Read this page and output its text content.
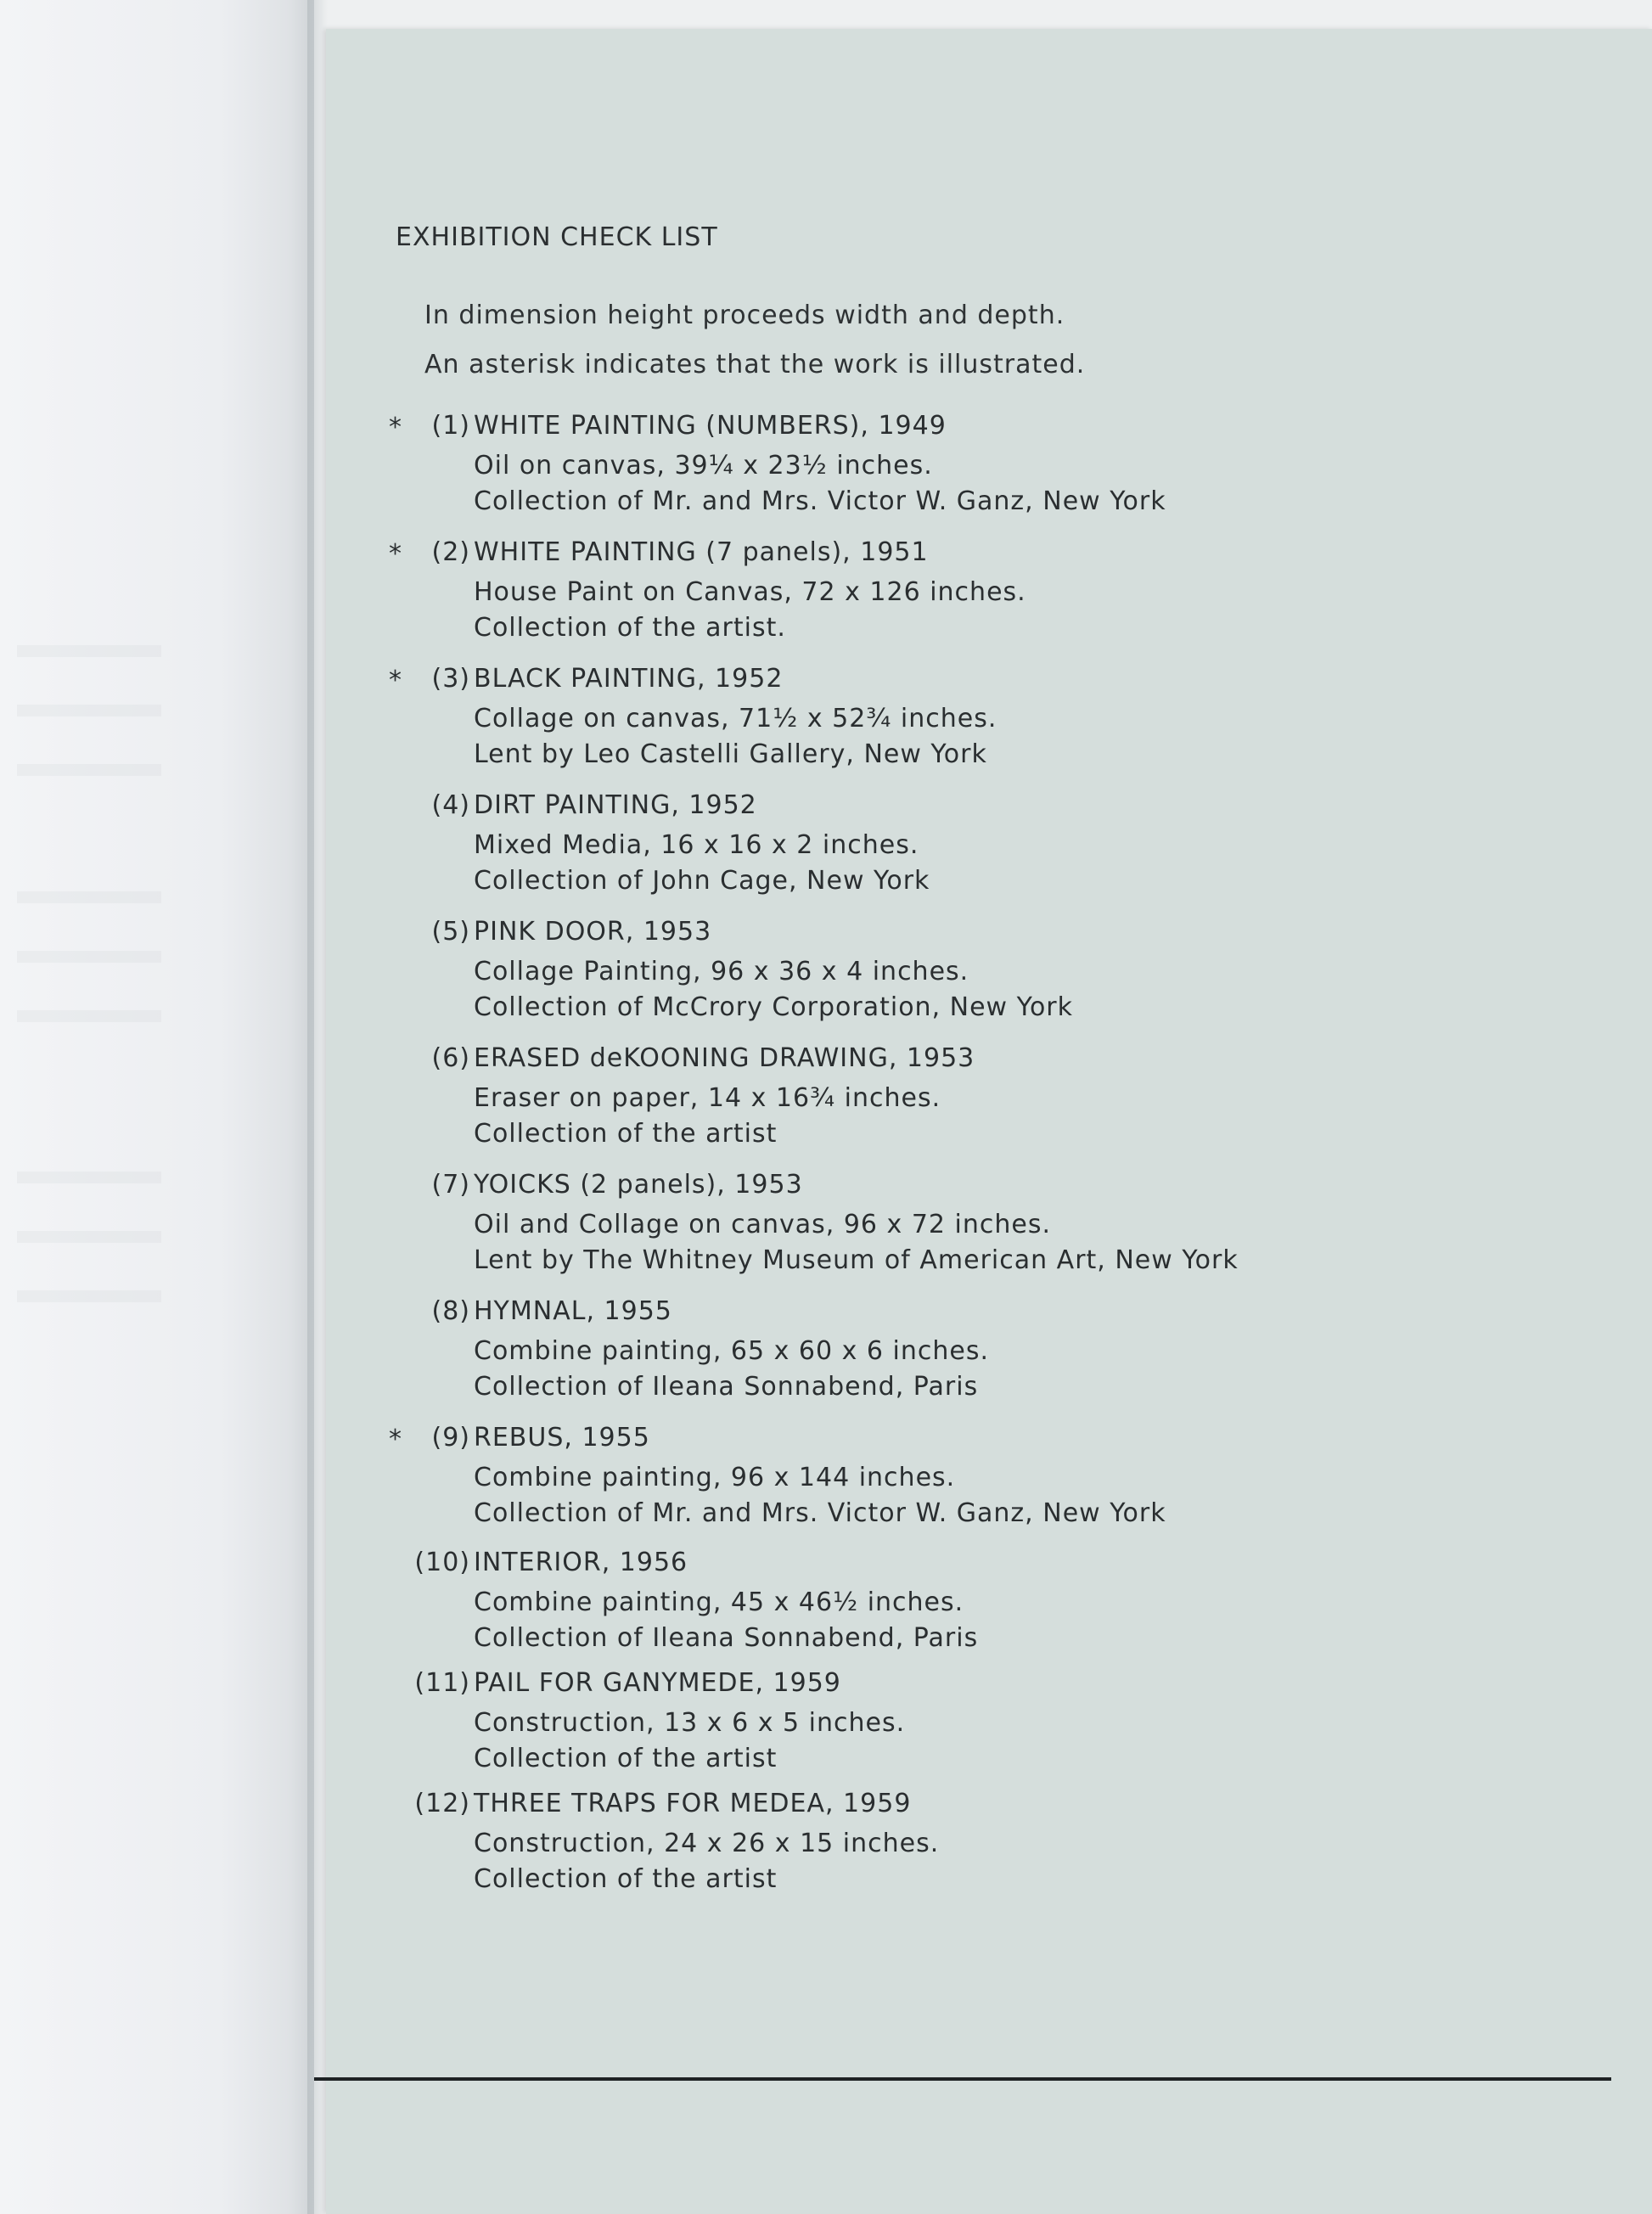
EXHIBITION CHECK LIST
In dimension height proceeds width and depth.
An asterisk indicates that the work is illustrated.
* (1) WHITE PAINTING (NUMBERS), 1949
Oil on canvas, 39¼ x 23½ inches.
Collection of Mr. and Mrs. Victor W. Ganz, New York
* (2) WHITE PAINTING (7 panels), 1951
House Paint on Canvas, 72 x 126 inches.
Collection of the artist.
* (3) BLACK PAINTING, 1952
Collage on canvas, 71½ x 52¾ inches.
Lent by Leo Castelli Gallery, New York
(4) DIRT PAINTING, 1952
Mixed Media, 16 x 16 x 2 inches.
Collection of John Cage, New York
(5) PINK DOOR, 1953
Collage Painting, 96 x 36 x 4 inches.
Collection of McCrory Corporation, New York
(6) ERASED deKOONING DRAWING, 1953
Eraser on paper, 14 x 16¾ inches.
Collection of the artist
(7) YOICKS (2 panels), 1953
Oil and Collage on canvas, 96 x 72 inches.
Lent by The Whitney Museum of American Art, New York
(8) HYMNAL, 1955
Combine painting, 65 x 60 x 6 inches.
Collection of Ileana Sonnabend, Paris
* (9) REBUS, 1955
Combine painting, 96 x 144 inches.
Collection of Mr. and Mrs. Victor W. Ganz, New York
(10) INTERIOR, 1956
Combine painting, 45 x 46½ inches.
Collection of Ileana Sonnabend, Paris
(11) PAIL FOR GANYMEDE, 1959
Construction, 13 x 6 x 5 inches.
Collection of the artist
(12) THREE TRAPS FOR MEDEA, 1959
Construction, 24 x 26 x 15 inches.
Collection of the artist
